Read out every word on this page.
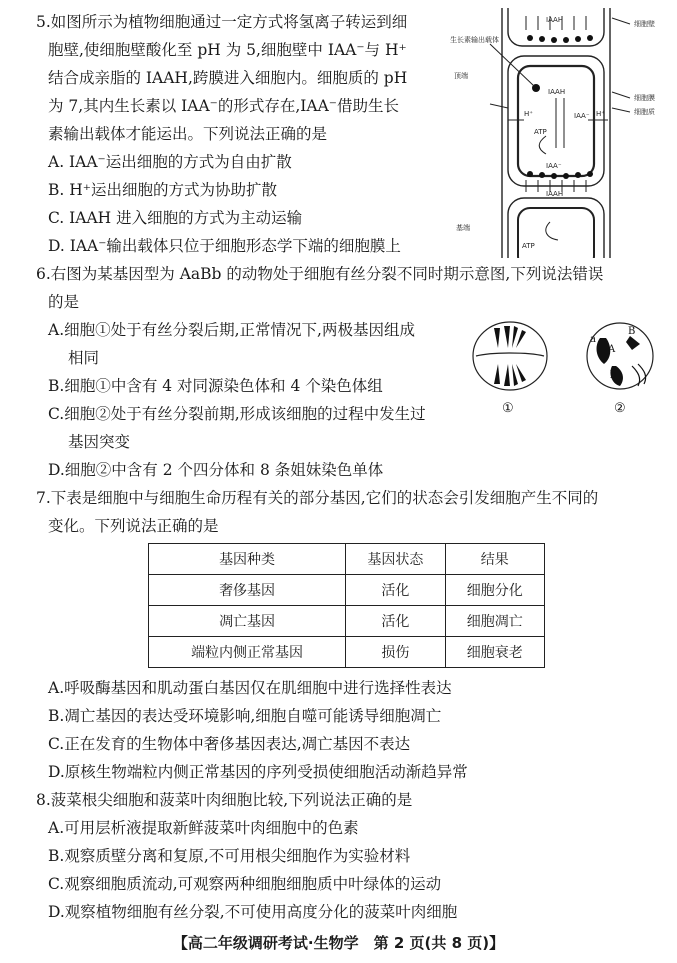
5.如图所示为植物细胞通过一定方式将氢离子转运到细
胞壁,使细胞壁酸化至 pH 为 5,细胞壁中 IAA⁻与 H⁺
结合成亲脂的 IAAH,跨膜进入细胞内。细胞质的 pH
为 7,其内生长素以 IAA⁻的形式存在,IAA⁻借助生长
素输出载体才能运出。下列说法正确的是
A. IAA⁻运出细胞的方式为自由扩散
B. H⁺运出细胞的方式为协助扩散
C. IAAH 进入细胞的方式为主动运输
D. IAA⁻输出载体只位于细胞形态学下端的细胞膜上
细胞壁
生长素输出载体
顶端
细胞膜
细胞质
基端
IAAH
IAAH
IAA⁻
IAA⁻
IAAH
H⁺	H⁺
ATP
ATP
6.右图为某基因型为 AaBb 的动物处于细胞有丝分裂不同时期示意图,下列说法错误
的是
A.细胞①处于有丝分裂后期,正常情况下,两极基因组成
相同
B.细胞①中含有 4 对同源染色体和 4 个染色体组
C.细胞②处于有丝分裂前期,形成该细胞的过程中发生过
基因突变
D.细胞②中含有 2 个四分体和 8 条姐妹染色单体
a
B
A
b
①	②
7.下表是细胞中与细胞生命历程有关的部分基因,它们的状态会引发细胞产生不同的
变化。下列说法正确的是
基因种类	基因状态	结果
奢侈基因	活化	细胞分化
凋亡基因	活化	细胞凋亡
端粒内侧正常基因	损伤	细胞衰老
A.呼吸酶基因和肌动蛋白基因仅在肌细胞中进行选择性表达
B.凋亡基因的表达受环境影响,细胞自噬可能诱导细胞凋亡
C.正在发育的生物体中奢侈基因表达,凋亡基因不表达
D.原核生物端粒内侧正常基因的序列受损使细胞活动渐趋异常
8.菠菜根尖细胞和菠菜叶肉细胞比较,下列说法正确的是
A.可用层析液提取新鲜菠菜叶肉细胞中的色素
B.观察质壁分离和复原,不可用根尖细胞作为实验材料
C.观察细胞质流动,可观察两种细胞细胞质中叶绿体的运动
D.观察植物细胞有丝分裂,不可使用高度分化的菠菜叶肉细胞
【高二年级调研考试·生物学　第 2 页(共 8 页)】
